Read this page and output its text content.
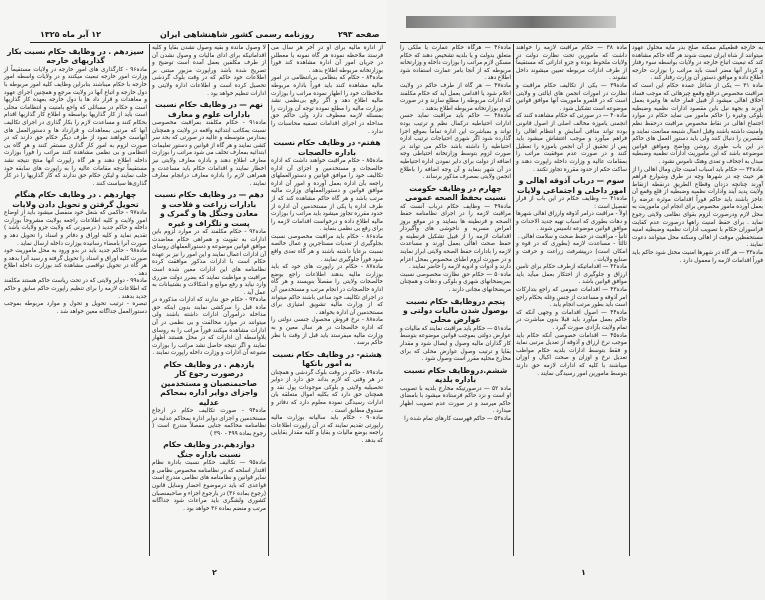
۱۲ آبر ماه ۱۳۲۵	روزنامه رسمی کشور شاهنشاهی ایران	صفحه ۲۹۳

از اداره مالیه برای او در آخر هر سال می فرستد ملاحظه نموده هر گاه نمونه یا معطلی در جریان امور آن اداره مشاهده کند فوراً بوزارتخانه مربوطه اطلاع بدهد .

ماده۸۴ - حکام که بنظامی بی‌انتظامی در امور مالیه مشاهده کنند باید فوراً باداره مربوطه ملاحظات خود را اظهار نموده مراتب را بوزارت مالیه اطلاع دهد و اگر رفع بی‌نظمی نشد بوزارت مالیه را مطلع نموده توجه آن وزارت را بمسئله لازمه معطوف دارد ولی حاکم حق مداخله در اجرای اقدامات تصفیه محاسبات را ندارد .

هفتم- در وظایف حکام نسبت باداره خالصجات

ماده۸۵ - حکام مراقبت خواهند داشت که اداره خالصجات و مستخدمین و اجزای آن اداره تکالیف خود را موافق قوانین و دستورالعملهای راجعه بآن اداره بعمل آورده و امور آن اداره موافق قوانین و دستورالعملهای وزارت مالیه مرتب باشد و هر گاه حاکم مشاهده کند که از طرف اداره یا یکی از مستخدمین آن اداره از حدود مقرره تجاوز میشود باید مراتب را بوزارت مالیه اطلاع داده و درخواست اقدامات لازمه را برای رفع بی نظمی بنماید .

ماده۸۶ - حکام باید مراقبت مخصوصی نسبت بجلوگیری از تعدیات مستاجرین و عمال خالصه نسبت برعایا داشته باشند و هر گاه تعدی واقع شود فوراً جلوگیری نمایند .

ماده۸۷ - حکام در راپورت های خود که باید بوزارت مالیه بدهند اطلاعات راجع بوضع خالصجات ولایتی را مفصلاً بنویسند و هر گاه اداره خالصجات در انجام مرتب و مستخدمین آن در اجرای تکالیف خود ساعی باشند حاکم میتواند که از وزارت مالیه تشویق امتیازی برای مستخدمین آن اداره بخواهد .

ماده۸۸ - نرخ فروش محصول جنسی دولتی را که اداره خالصجات در هر سال معین و به وزارت مالیه میفرستد باید قبل از وقت با نظر حاکم برسد .

هشتم- در وظایف حکام نسبت به امور بانکها

ماده۸۹ - حاکم در وقت بلوک گردشی و همچنان در هر وقتی که لازم بداند حق دارد از دوایر تحصیلیه ولایتی و بلوکی موجودات پول نقد و همچنان حق دارد که بکلیه اموال متعلقه بان ادارات رسیدگی نموده معلوم دارد که دفاتر و صندوق مطابق است .

ماده۹۰ - حکام باید سالیانه بوزارت مالیه راپورتی تقدیم نمایند که در آن راپورت اطلاعات راجعه بوضع مالیات و بقایا و کلیه مقدار بقایایی که بدهد .

لا وصول مانده و بقیه وصول نشدن بقایا و کلیه اقداماتیکه برای ادای مالیات و وصول نشدن آن از طرف مکلفین بعمل آمده است توضیح و تصریح شده باشد وراپورت مزبور مبتنی بر اطلاعات خود حاکم که در وقت بلوک گردشی تحصیل کرده است و اطلاعات اداره ولایتی و ادارات تنظیم خواهد بود .

نهم — در وظایف حکام نسبت بادارات علوم و معارف

ماده۹۱ - حکام مکلفند بمراقبت مخصوصی نسبت بمکاتب ابتدائیه واقعه در ولایت و همچنان بمدارس متوسطه و عالیه در صورتی که بحد سر کشی نمایند و هر گاه از قوانین و دستور تعلیمات ابتدائیه بمعارف تخلف می شود مراتب را بوزارت معارف اطلاع دهند و باداره معارف ولایتی نیز اخطار نمایند و اقدامات حکام باید مساعدت و همراهی لازم را باداره معارف درانجام معارف نمایند .

دهم — در وظایف حکام نسبت بادارات زراعت و فلاحت و معادن وجنگل ها و گمرک و پست و تلگراف و غیره

ماده۹۲ - حکام مکلفند که در موارد لزوم باین ادارات به تقویت و همراهی حکام معاضدت موافق قوانین موضوعه و دستورالعملهای روسای آن ادارات اعمال نمایند و این امور را نیز بر عهده حکام است با ادارات مذکور موافقت کرده نظامنامه های این ادارات معین شده است مراقبت و مواظبت نمایند که بضرر دولت ضرری وارد نیاید و رفع موانع و اشکالات و بشتیبانات به عمل آید .

ماده۹۳ - حکام حق ندارند که ادارات مذکوره در ماده قبل را سرکشی نمایند بدون اینکه حق مداخله درامورآن ادارات داشته باشند ولی میتوانند در موارد مخالفت و بی نظمی در آن ادارات مشاهده میکنند فوراً مراتب را به روسای بلاواسطه آن ادارات که در محل هستند اظهار نمایند و اگر نتیجه حاصل نشد مراتب را بوزارت متبوعه آن ادارات و وزارت داخله راپورت نمایند .

یازدهم . در وظایف حکام درصورت رجوع کار صاحبمنصبان و مستخدمین واجزای دوایر اداره بمحاکم عدلیه

ماده۹۴ - صورت تکالیف حکام در ارجاع مستخدمین و اجزای دوایر اداره بمحاکم عدلیه در نظامنامه محاکمه جنایی مفصلاً مندرج است ( رجوع بماده ۴۹۹ - ۳۹۰ )

دوازدهم.در وظایف حکام نسبت باداره جنگ

ماده۹۵ — تکالیف حکام نسبت باداره نظام اقتدار اسلحه که در نظامنامه مخصوص نظامی و سایر قوانین و نظامنامه های نظامی مندرج است قواعدی که باید درموضوع احضار وسایل قانون (رجوع بماده ۳۶) در بارجوع اجزاء و صاحبمنصبان کشوری ولشگری باید مراعات شود جداگانه مرتب و منضم بماده ۳۶ خواهد بود .

سیزدهم . در وظایف حکام نسبت بکار گذاریهای خارجه

ماده۹۶ - کارگذاری های امور خارجه در ولایات مستقیماً از وزارت امور خارجه تبعیت میکنند و در ولایات واسطه امور خارجه با حکام میباشند بنابراین وظایف کلیه امور مربوطه با دول خارجه و اتباع آنها در ولایت مرجع و همچنین اجرای عهود و معاهدات و قرار داد ها با دول خارجه بعهده کار گذاریها است و حکام در مسائلی که واجع بامنیت و انتظامات محلی است باید از کار گذاریها بواسطه و اطلاع کار گذاریها اقدام بحکام کنند و مساعدت لازم را بکار گذاری در اجرای تکالیف آنها که مرتبی بمعاهدات و قرارداد ها و دستورالعمل های آنهاست خواهند نمود از طرف دیگر حکام حق دارند که در صورت لزوم به امور کار گذاری مستقر کنند و هر گاه بی انتظامی و بی نظمی مشاهده کنند مراتب را فوراً بوزارت داخله اطلاع دهند و هر گاه راپورت آنها منتج نتیجه نشد مستقیماً توجه مقامات عالیه را به راپورت های سابقه خود جلب نمایند و لیکن حکام حق ندارند که کار گذاریها را در کار گذاری‌ها سیاست کنند .

چهاردهم . در وظایف حکام هنگام تحویل گرفتن و تحویل دادن ولایات

ماده۹۷ - حاکمی که شغل خود منفصل میشود باید از اوضاع امور ولایت و کلیه اطلاعات راجعه بولایت مشروحاً بوزارت داخله و حاکم جدید ( درصورتی که ولایت جزو ولایات باشد ) تقدیم نماید و کلیه اوراق و دفاتر و اسناد را تحویل دهد و صورت آنرا بامضاء رسانیده بوزارت داخله ارسال نماید .

ماده۹۸ - حاکم جدید باید در بدو ورود به محل ماموریت خود صورت کلیه اوراق و اسناد را تحویل گرفته و رسید آنرا بدهد و هر گاه در تحویل نواقصی مشاهده کند بوزارت داخله اطلاع دهد .

ماده۹۹ - دوایر ولایتی که در تحت ریاست حاکم هستند مکلفند که اطلاعات لازمه را برای تنظیم راپورت حاکم سابق و حاکم جدید بدهند .

تبصره - ترتیب تحویل و تحول و موارد مربوطه بموجب دستورالعمل جداگانه معین خواهد شد .

۲

به خارجه قطعیکم ممکنه صلح بدر مایه محلول عهود میتوانند از شاه ایران تبعیت شوند هر گاه حاکم مشاهده کند که تبعیت اتباع خارجه در ولایات بواسطه سوء رفتار و کردار آنها مضر است باید مراتب را بوزارت خارجه اطلاع داده و موافق دستور آن وزارت رفتار کند .

ماده ۳۱ — یکی از شاغل عمده حکام این است که مراقبت مخصوص درقلع وقمع چیزهائی که موجب فساد اخلاق اهالی میشود از قبیل قمار خانه ها وغیره بعمل آورند و بجهة نیل باین مقصود ادارات نظمیه وضبطیه بلوکی وغیره را حاکم مامور می نماید حکام در موارد اجتماع اهالی در نقاط مخصوص مراقبت درحفظ نظم وامنیت داشته باشند وقبل اعمال شنیعه ممانعت نمایند و مقصرین را دنبال کنند ولی باید دستور العمل های حاکم در این باب طوری روشن وواضح وموافق قوانین موضوعه باشد که این ماموریت ادارات نظمیه وضبطیه مبدل به اجحاف و تعدی وهتک ناموس نشود .

ماده۳۲ — حکام باید اسباب امنیت جان ومال اهالی را از هر حیث چه در شهرها وچه در طرق وشوارع فراهم آورند چنانچه دزدان وقطاع الطریق درنقطه ازنقاط ولایت پدید آیند وادارات نظمیه وضبطیه از قلع وقمع آن عاجز باشند باید حاکم فوراً اقدامات موثره عرضه را بعمل آورده مامور مخصوص برای انجام این ماموریت به محل لازم ودرصورت لزوم بقوای نظامی ولایتی رجوع نماید . برای حفظ امنیت راهها درصورت عدم کفایت قراسوران حکام با تصویب ادارات نظمیه وضبطیه امنیه مستحفظین موقت از اهالی وسکنه محل میتوانند دعوت نمایند .

ماده۳۳ — هر گاه در شهرها امنیت مختل شود حاکم باید فوراً اقدامات لازمه را معمول دارد .

ماده ۳۸ — حکام مراقبت لازمه را خواهند داشت که مامورین تحت نظارت دولت در ولایات ملحوظ بوده و جزو اداراتی که مستقیماً از طرف ادارات مربوطه تعیین میشوند داخل نشوند .

ماده۳۹ — یکی از تکالیف حکام مراقبت و نظارت در امورات انجمن های ایالتی و ولایتی است که در قلمرو ماموریت آنها موافق قوانین موضوعه است تشکیل شود .

ماده۴۰ — در صورتی که حکام مشاهده کنند که انجمنی یاموزه مخالف اصلی از اصول قانونی بوده تواند منافی آسایش و انتظام اهالی را فراهم میآورد و موجب اغتشاش میشود باید پس از تحقیق از آن انجمن یاموزه را تعطیل کنند و در صورت عدم موفقیت مراتب را بمقامات عالیه و وزارت داخله راپورت دهند و ساکت حکم از حدود مقرره تجاوز نکنند .

سوم — درباب آذوقه اهالی و امور داخلی و اجتماعی ولایات

ماده۴۱ — وظایف حکام در این باب از قرار تفصیل است :

اولاً - مراقبت درامر آذوقه وارزاق اهالی شهرها و دهات بطوری که اسباب تهیه جدید الاحداث و موافق قوانین موضوعه تاسیس شوند .

ثانیاً - مراقبت در حفظ صحت و سلامت اهالی .

ثالثاً - مساعدت لازمه (بطوری که در قوه و امکان است) درپیشرفت زراعت و حرفت و صنایع ولایات .

ماده۴۲ — اقداماتیکه ازطرف حکام برای تامین ارزاق و جلوگیری از احتکار بعمل میآید باید موافق قوانین باشد .

ماده۴۳ — اقدامات عمومی که راجع بتدارکات امر آذوقه و مساعدت از جنس وغله بحکام راجع است باید بطور مرتب انجام یابد .

ماده۴۴ — اصول اقدامات و وجهی آنکه که حاکم بعمل میآورد باید قبلا بدون مباشرت در تمام ولایت بآزادی صورت گیرد .

ماده۴۵ — اقدامات خصوصی آنکه حکام باید موجب نرخ ارزاق و آذوقه از تعدیل مرتبی نماید و فقط بتوسط ادارات بلدیه حکام مواظب تعدیل نرخ و اوزان و صحت اکیال و اوزان میباشند با کلیه که ادارات لازمه حق دارند بتوسط مامورین امور رسیدگی نمایند .

ماده۴۶ — هرگاه حکام عمارت یا ملکی را متعلق بدولت و یا بلدیه تشخیص دهند که حکام مسکن لازم مراتب را بوزارت داخله و وزارتخانه مربوطه که از آنجا بامر عمارت استفاده شود اطلاع دهد .

ماده۴۷ — هر گاه از طرف حاکم در ولایت اعلام شود یا اقدامی بعمل آید که حکام مکلفند که ادارات مربوطه را مطلع سازند و در صورت لزوم بوزارتخانه مربوطه اطلاع بدهند .

ماده۴۸ — حاکم باید مراقبت نماید حسن ادارات احتیاطیه درکمال نظم و ترتیب بوده تواند و بمباشرت این اداره تماماً بموقع اجرا گذارده شود اگر شهری احتیاجات ترتیب اداره احتیاطیه را داشته باشد حاکم می تواند در صورت لزوم بتوسط وزارتخانه احتیاطی وجه اضافه از دولت برای دایر نمودن اداره احتیاطیه در آن شهر بنماید و آن وجه اضافه را باطلاع انجمن ولایتی بمصرف مذکور برساند .

چهارم در وظایف حکومت نسبت بحفظ الصحه عمومی

ماده۴۹ — وظایف حکام درباب آنست که مراقبت لازمه را در اجرای نظامنامه حفظ الصحه و قرنطینه ها بنمایند و در موقع بروز امراض مسریه و ناخوشی های واگیردار اقدامات لازمه را از قبیل تشکیل قرنطینه و حفظ صحت اهالی بعمل آورند و مساعدت لازمه را بادارات حفظ الصحه ولایتی ابراز نمایند و در صورت لزوم اطبای مخصوص بمحل اعزام دارند و ادوات و ادویه لازمه را حاضر نمایند .

ماده۵۰ — حکام حق نظارت مخصوصی نسبت بمریضخانهای شهری و بلوکی و دهات و همچنان مریضخانهای مجانی دارند .

پنجم دروظایف حکام نسبت بوصول شدن مالیات دولتی و عوارض محلی

ماده۵۱ — حکام باید مراقبت نمایند که مالیات و عوارض دولتی بموجب قوانین موضوعه بتوسط کار گذاران مالیه وصول و ایصال شود و مقدار بقایا و ترتیب وصول عوارض محلی که برای مخارج محلیه مقرر است وصول شود .

ششم.دروظایف حکام نسبت باداره بلدیه

ماده ۵۲ — درصورتیکه مخارج بلدیه با تصویب او است و نزد حاکم فرستاده میشود با بامضای حاکم میرسد و در صورت عدم تصویب اظهار میدارد .

ماده۵۳ — حاکم فهرست کارهای تمام شده را

۱
